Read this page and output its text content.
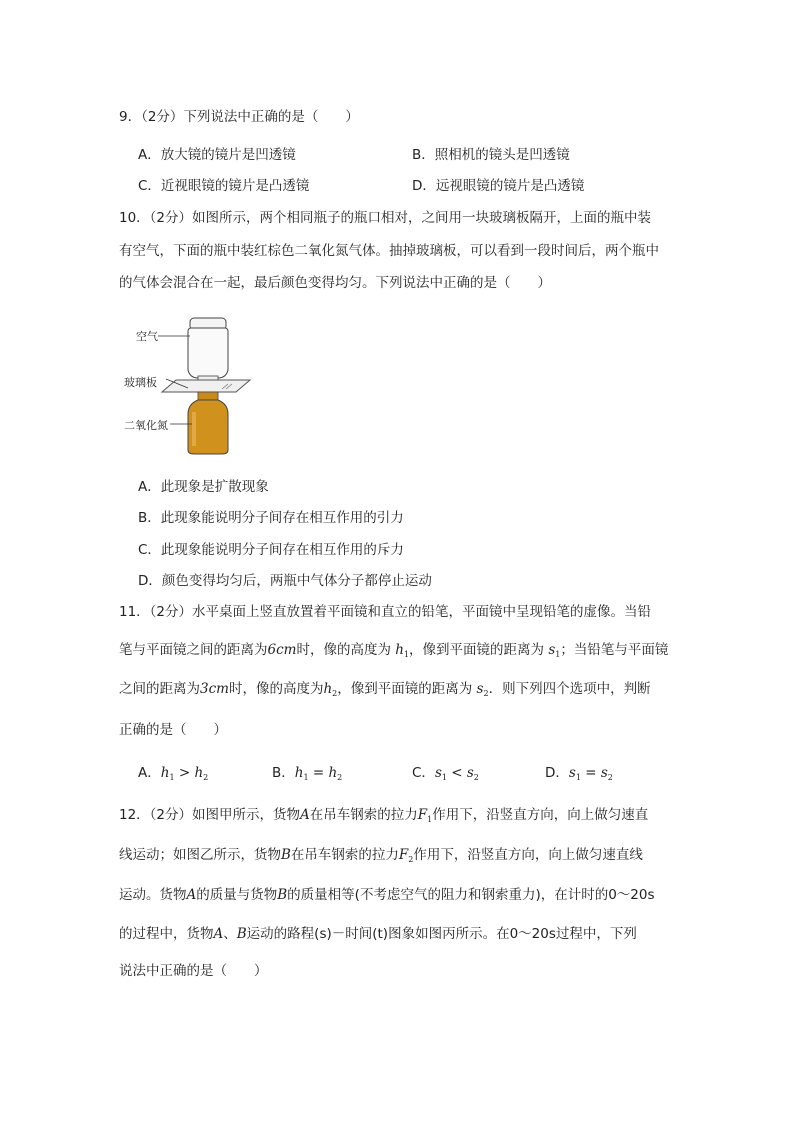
9．（2分）下列说法中正确的是（　　）
A．放大镜的镜片是凹透镜	B．照相机的镜头是凹透镜
C．近视眼镜的镜片是凸透镜	D．远视眼镜的镜片是凸透镜
10．（2分）如图所示，两个相同瓶子的瓶口相对，之间用一块玻璃板隔开，上面的瓶中装
有空气，下面的瓶中装红棕色二氧化氮气体。抽掉玻璃板，可以看到一段时间后，两个瓶中
的气体会混合在一起，最后颜色变得均匀。下列说法中正确的是（　　）
空气
玻璃板
二氧化氮
A．此现象是扩散现象
B．此现象能说明分子间存在相互作用的引力
C．此现象能说明分子间存在相互作用的斥力
D．颜色变得均匀后，两瓶中气体分子都停止运动
11．（2分）水平桌面上竖直放置着平面镜和直立的铅笔，平面镜中呈现铅笔的虚像。当铅
笔与平面镜之间的距离为6cm时，像的高度为 $h_1$，像到平面镜的距离为 $s_1$；当铅笔与平面镜
之间的距离为3cm时，像的高度为$h_2$，像到平面镜的距离为 $s_2$．则下列四个选项中，判断
正确的是（　　）
A．$h_1 > h_2$	B．$h_1 = h_2$	C．$s_1 < s_2$	D．$s_1 = s_2$
12．（2分）如图甲所示，货物A在吊车钢索的拉力$F_1$作用下，沿竖直方向，向上做匀速直
线运动；如图乙所示，货物B在吊车钢索的拉力$F_2$作用下，沿竖直方向，向上做匀速直线
运动。货物A的质量与货物B的质量相等(不考虑空气的阻力和钢索重力)，在计时的0～20s
的过程中，货物A、B运动的路程(s)－时间(t)图象如图丙所示。在0～20s过程中，下列
说法中正确的是（　　）
